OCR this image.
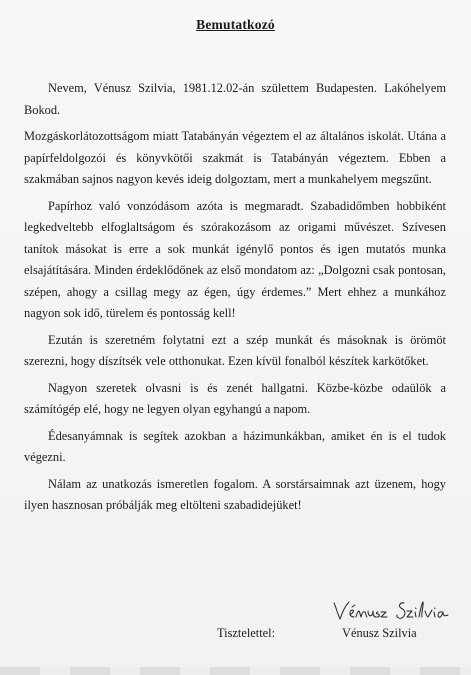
Bemutatkozó

Nevem, Vénusz Szilvia, 1981.12.02-án születtem Budapesten. Lakóhelyem Bokod.

Mozgáskorlátozottságom miatt Tatabányán végeztem el az általános iskolát. Utána a papírfeldolgozói és könyvkötői szakmát is Tatabányán végeztem. Ebben a szakmában sajnos nagyon kevés ideig dolgoztam, mert a munkahelyem megszűnt.

Papírhoz való vonzódásom azóta is megmaradt. Szabadidőmben hobbiként legkedveltebb elfoglaltságom és szórakozásom az origami művészet. Szívesen tanítok másokat is erre a sok munkát igénylő pontos és igen mutatós munka elsajátítására. Minden érdeklődőnek az első mondatom az: „Dolgozni csak pontosan, szépen, ahogy a csillag megy az égen, úgy érdemes.” Mert ehhez a munkához nagyon sok idő, türelem és pontosság kell!

Ezután is szeretném folytatni ezt a szép munkát és másoknak is örömöt szerezni, hogy díszítsék vele otthonukat. Ezen kívül fonalból készítek karkötőket.

Nagyon szeretek olvasni is és zenét hallgatni. Közbe-közbe odaülök a számítógép elé, hogy ne legyen olyan egyhangú a napom.

Édesanyámnak is segítek azokban a házimunkákban, amiket én is el tudok végezni.

Nálam az unatkozás ismeretlen fogalom. A sorstársaimnak azt üzenem, hogy ilyen hasznosan próbálják meg eltölteni szabadidejüket!

Tisztelettel:	Vénusz Szilvia
